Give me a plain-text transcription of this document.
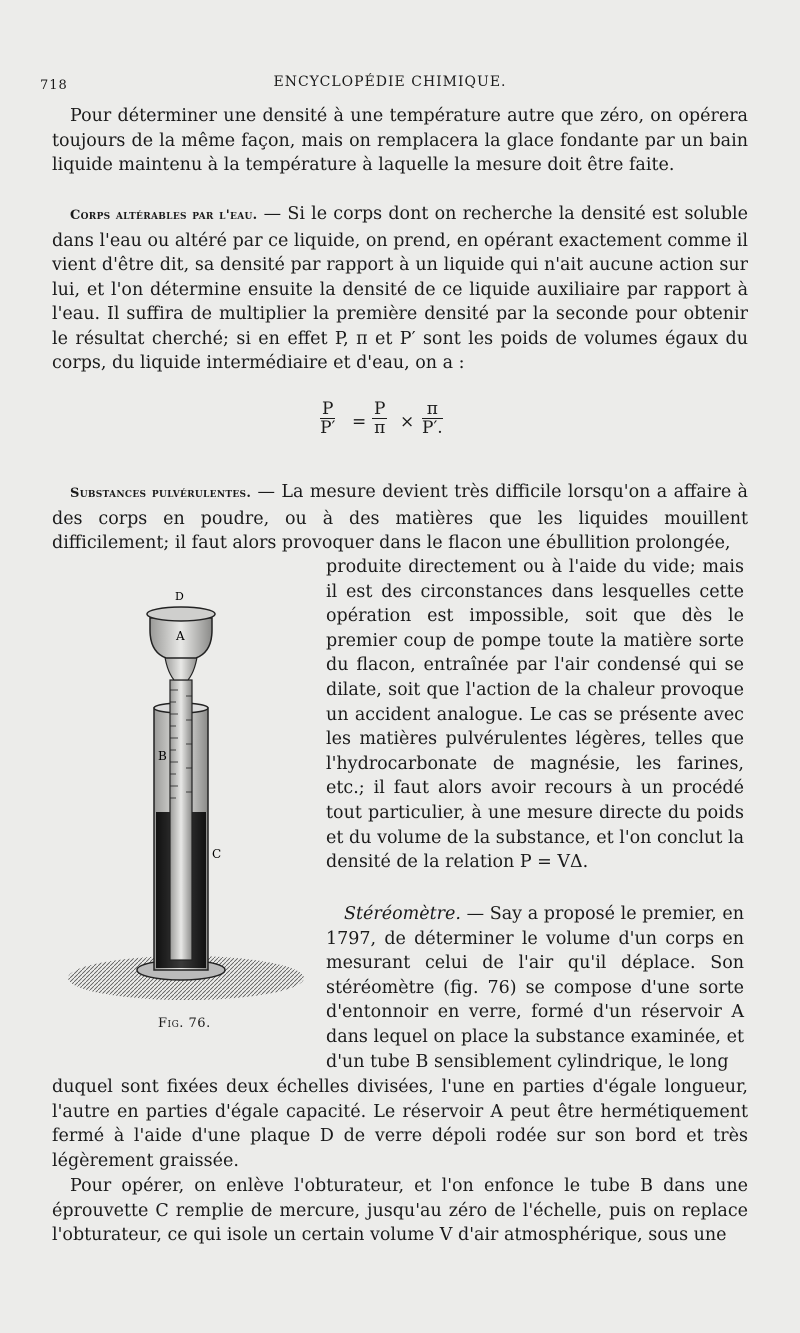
718	ENCYCLOPÉDIE CHIMIQUE.

Pour déterminer une densité à une température autre que zéro, on opérera toujours de la même façon, mais on remplacera la glace fondante par un bain liquide maintenu à la température à laquelle la mesure doit être faite.

Corps altérables par l'eau. — Si le corps dont on recherche la densité est soluble dans l'eau ou altéré par ce liquide, on prend, en opérant exactement comme il vient d'être dit, sa densité par rapport à un liquide qui n'ait aucune action sur lui, et l'on détermine ensuite la densité de ce liquide auxiliaire par rapport à l'eau. Il suffira de multiplier la première densité par la seconde pour obtenir le résultat cherché; si en effet P, π et P′ sont les poids de volumes égaux du corps, du liquide intermédiaire et d'eau, on a :

$\frac{P}{P'} = \frac{P}{\pi} \times \frac{\pi}{P'.}$

Substances pulvérulentes. — La mesure devient très difficile lorsqu'on a affaire à des corps en poudre, ou à des matières que les liquides mouillent difficilement; il faut alors provoquer dans le flacon une ébullition prolongée,

produite directement ou à l'aide du vide; mais il est des circonstances dans lesquelles cette opération est impossible, soit que dès le premier coup de pompe toute la matière sorte du flacon, entraînée par l'air condensé qui se dilate, soit que l'action de la chaleur provoque un accident analogue. Le cas se présente avec les matières pulvérulentes légères, telles que l'hydrocarbonate de magnésie, les farines, etc.; il faut alors avoir recours à un procédé tout particulier, à une mesure directe du poids et du volume de la substance, et l'on conclut la densité de la relation P = VΔ.

Stéréomètre. — Say a proposé le premier, en 1797, de déterminer le volume d'un corps en mesurant celui de l'air qu'il déplace. Son stéréomètre (fig. 76) se compose d'une sorte d'entonnoir en verre, formé d'un réservoir A dans lequel on place la substance examinée, et d'un tube B sensiblement cylindrique, le long

duquel sont fixées deux échelles divisées, l'une en parties d'égale longueur, l'autre en parties d'égale capacité. Le réservoir A peut être hermétiquement fermé à l'aide d'une plaque D de verre dépoli rodée sur son bord et très légèrement graissée.

Pour opérer, on enlève l'obturateur, et l'on enfonce le tube B dans une éprouvette C remplie de mercure, jusqu'au zéro de l'échelle, puis on replace l'obturateur, ce qui isole un certain volume V d'air atmosphérique, sous une

D
A
B
C
Fig. 76.
